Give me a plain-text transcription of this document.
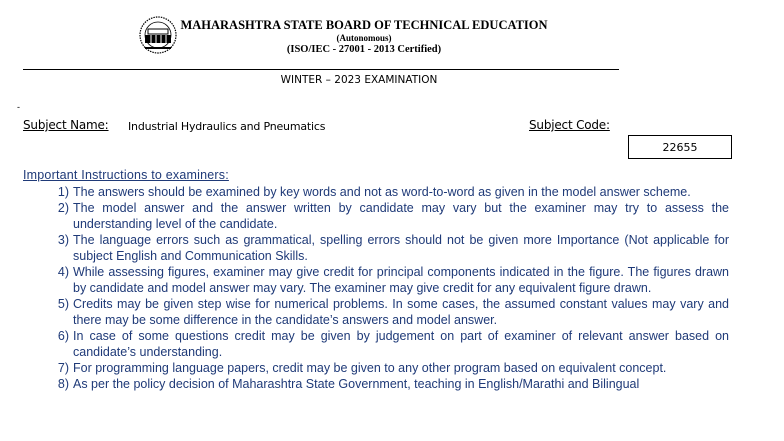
MAHARASHTRA STATE BOARD OF TECHNICAL EDUCATION
(Autonomous)
(ISO/IEC - 27001 - 2013 Certified)
WINTER – 2023 EXAMINATION
-
Subject Name: Industrial Hydraulics and Pneumatics	Subject Code:
22655
Important Instructions to examiners:
1) The answers should be examined by key words and not as word-to-word as given in the model answer scheme.
2) The model answer and the answer written by candidate may vary but the examiner may try to assess the understanding level of the candidate.
3) The language errors such as grammatical, spelling errors should not be given more Importance (Not applicable for subject English and Communication Skills.
4) While assessing figures, examiner may give credit for principal components indicated in the figure. The figures drawn by candidate and model answer may vary. The examiner may give credit for any equivalent figure drawn.
5) Credits may be given step wise for numerical problems. In some cases, the assumed constant values may vary and there may be some difference in the candidate’s answers and model answer.
6) In case of some questions credit may be given by judgement on part of examiner of relevant answer based on candidate’s understanding.
7) For programming language papers, credit may be given to any other program based on equivalent concept.
8) As per the policy decision of Maharashtra State Government, teaching in English/Marathi and Bilingual
